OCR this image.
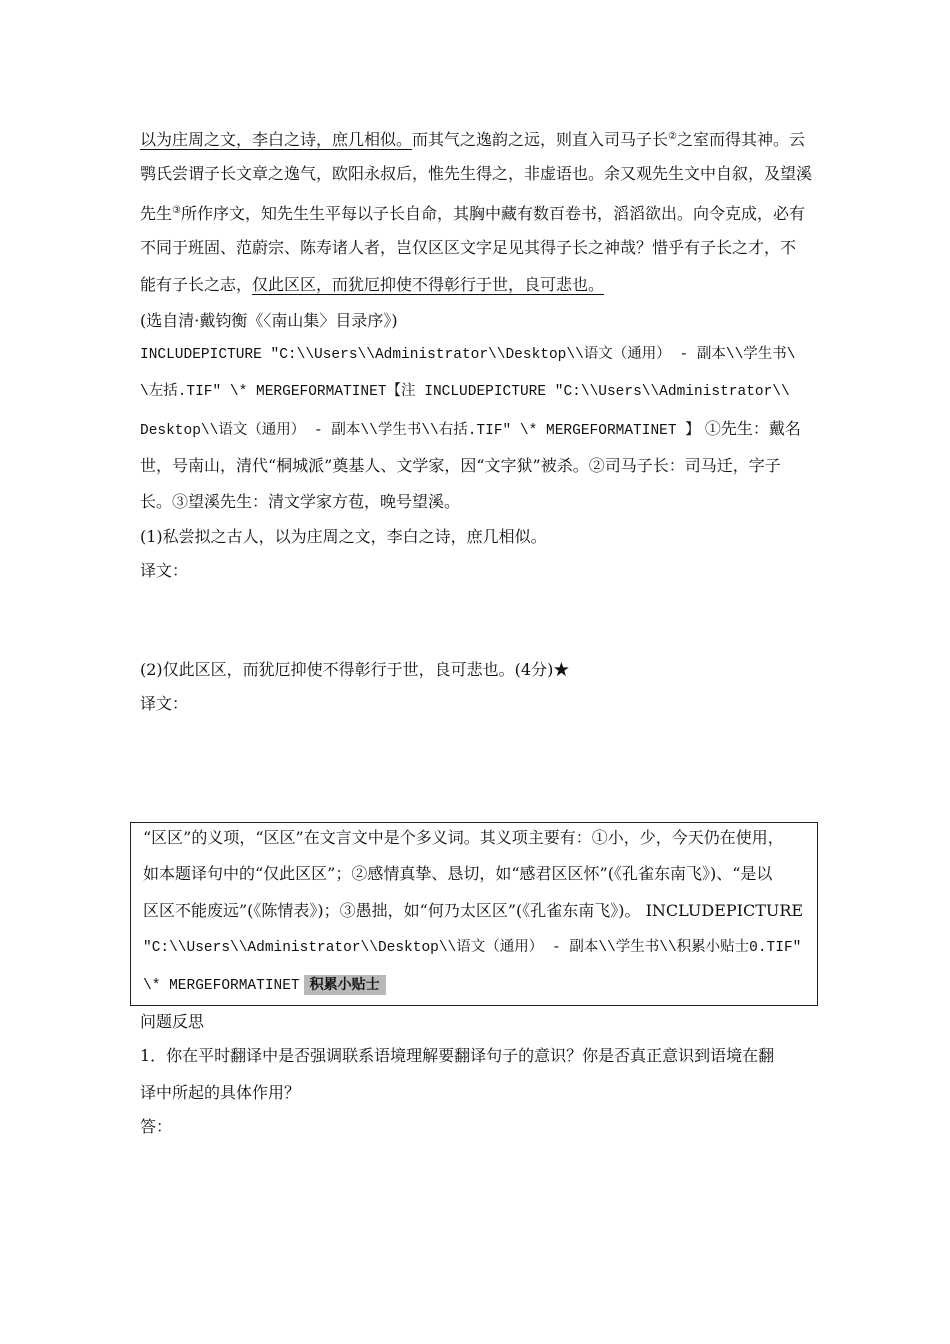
以为庄周之文，李白之诗，庶几相似。而其气之逸韵之远，则直入司马子长②之室而得其神。云
鹗氏尝谓子长文章之逸气，欧阳永叔后，惟先生得之，非虚语也。余又观先生文中自叙，及望溪
先生③所作序文，知先生生平每以子长自命，其胸中藏有数百卷书，滔滔欲出。向令克成，必有
不同于班固、范蔚宗、陈寿诸人者，岂仅区区文字足见其得子长之神哉？惜乎有子长之才，不
能有子长之志，仅此区区，而犹厄抑使不得彰行于世，良可悲也。
(选自清·戴钧衡《〈南山集〉目录序》)
INCLUDEPICTURE "C:\\Users\\Administrator\\Desktop\\语文（通用） - 副本\\学生书\
\左括.TIF" \* MERGEFORMATINET【注 INCLUDEPICTURE "C:\\Users\\Administrator\\
Desktop\\语文（通用） - 副本\\学生书\\右括.TIF" \* MERGEFORMATINET 】 ①先生：戴名
世，号南山，清代“桐城派”奠基人、文学家，因“文字狱”被杀。②司马子长：司马迁，字子
长。③望溪先生：清文学家方苞，晚号望溪。
(1)私尝拟之古人，以为庄周之文，李白之诗，庶几相似。
译文：
(2)仅此区区，而犹厄抑使不得彰行于世，良可悲也。(4分)★
译文：
“区区”的义项，“区区”在文言文中是个多义词。其义项主要有：①小，少，今天仍在使用，
如本题译句中的“仅此区区”；②感情真挚、恳切，如“感君区区怀”(《孔雀东南飞》)、“是以
区区不能废远”(《陈情表》)；③愚拙，如“何乃太区区”(《孔雀东南飞》)。 INCLUDEPICTURE
"C:\\Users\\Administrator\\Desktop\\语文（通用） - 副本\\学生书\\积累小贴士0.TIF"
\* MERGEFORMATINET 积累小贴士
问题反思
1．你在平时翻译中是否强调联系语境理解要翻译句子的意识？你是否真正意识到语境在翻
译中所起的具体作用？
答：
